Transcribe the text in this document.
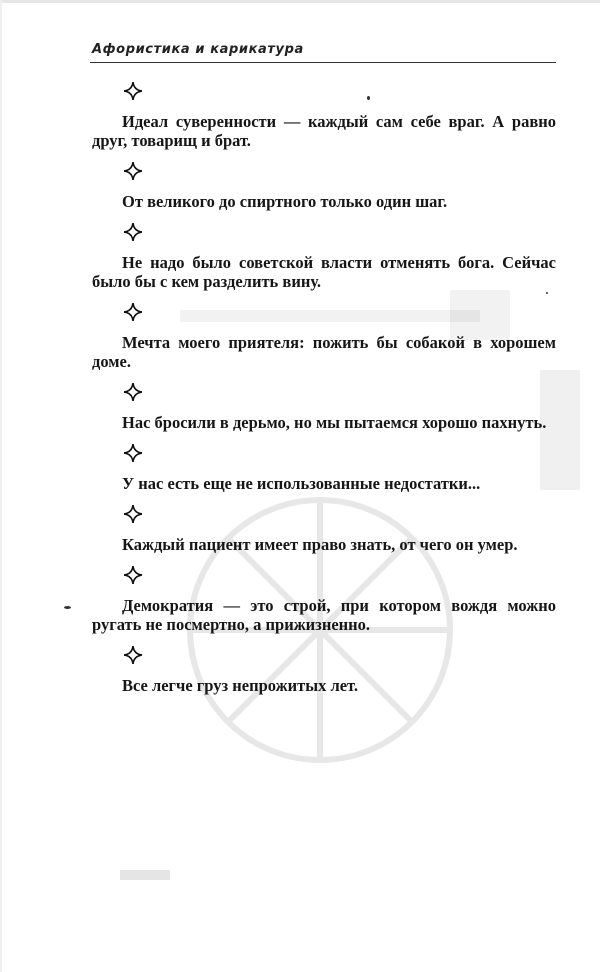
Афористика и карикатура

Идеал суверенности — каждый сам себе враг. А равно друг, товарищ и брат.

От великого до спиртного только один шаг.

Не надо было советской власти отменять бога. Сейчас было бы с кем разделить вину.

Мечта моего приятеля: пожить бы собакой в хорошем доме.

Нас бросили в дерьмо, но мы пытаемся хорошо пахнуть.

У нас есть еще не использованные недостатки...

Каждый пациент имеет право знать, от чего он умер.

Демократия — это строй, при котором вождя можно ругать не посмертно, а прижизненно.

Все легче груз непрожитых лет.
